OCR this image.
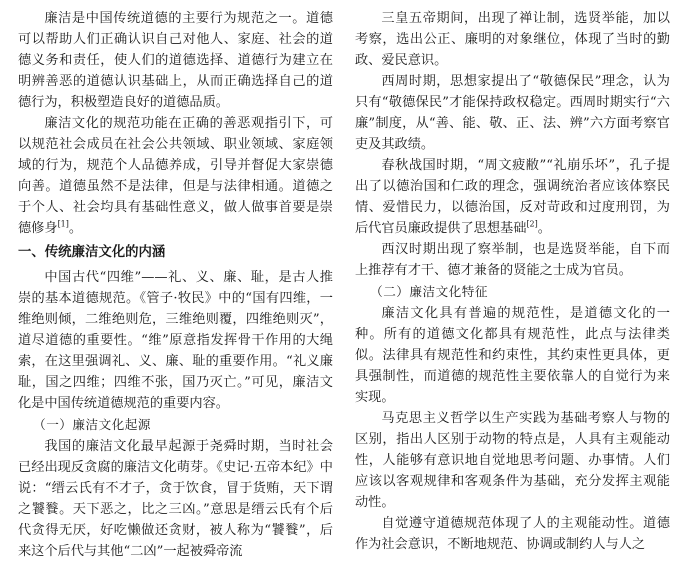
廉洁是中国传统道德的主要行为规范之一。道德可以帮助人们正确认识自己对他人、家庭、社会的道德义务和责任，使人们的道德选择、道德行为建立在明辨善恶的道德认识基础上，从而正确选择自己的道德行为，积极塑造良好的道德品质。

廉洁文化的规范功能在正确的善恶观指引下，可以规范社会成员在社会公共领域、职业领域、家庭领域的行为，规范个人品德养成，引导并督促大家崇德向善。道德虽然不是法律，但是与法律相通。道德之于个人、社会均具有基础性意义，做人做事首要是崇德修身[1]。

一、传统廉洁文化的内涵

中国古代“四维”——礼、义、廉、耻，是古人推崇的基本道德规范。《管子·牧民》中的“国有四维，一维绝则倾，二维绝则危，三维绝则覆，四维绝则灭”，道尽道德的重要性。“维”原意指发挥骨干作用的大绳索，在这里强调礼、义、廉、耻的重要作用。“礼义廉耻，国之四维；四维不张，国乃灭亡。”可见，廉洁文化是中国传统道德规范的重要内容。

（一）廉洁文化起源

我国的廉洁文化最早起源于尧舜时期，当时社会已经出现反贪腐的廉洁文化萌芽。《史记·五帝本纪》中说：“缙云氏有不才子，贪于饮食，冒于货贿，天下谓之饕餮。天下恶之，比之三凶。”意思是缙云氏有个后代贪得无厌，好吃懒做还贪财，被人称为“饕餮”，后来这个后代与其他“二凶”一起被舜帝流

三皇五帝期间，出现了禅让制，选贤举能，加以考察，选出公正、廉明的对象继位，体现了当时的勤政、爱民意识。

西周时期，思想家提出了“敬德保民”理念，认为只有“敬德保民”才能保持政权稳定。西周时期实行“六廉”制度，从“善、能、敬、正、法、辨”六方面考察官吏及其政绩。

春秋战国时期，“周文疲敝”“礼崩乐坏”，孔子提出了以德治国和仁政的理念，强调统治者应该体察民情、爱惜民力，以德治国，反对苛政和过度刑罚，为后代官员廉政提供了思想基础[2]。

西汉时期出现了察举制，也是选贤举能，自下而上推荐有才干、德才兼备的贤能之士成为官员。

（二）廉洁文化特征

廉洁文化具有普遍的规范性，是道德文化的一种。所有的道德文化都具有规范性，此点与法律类似。法律具有规范性和约束性，其约束性更具体，更具强制性，而道德的规范性主要依靠人的自觉行为来实现。

马克思主义哲学以生产实践为基础考察人与物的区别，指出人区别于动物的特点是，人具有主观能动性，人能够有意识地自觉地思考问题、办事情。人们应该以客观规律和客观条件为基础，充分发挥主观能动性。

自觉遵守道德规范体现了人的主观能动性。道德作为社会意识，不断地规范、协调或制约人与人之
